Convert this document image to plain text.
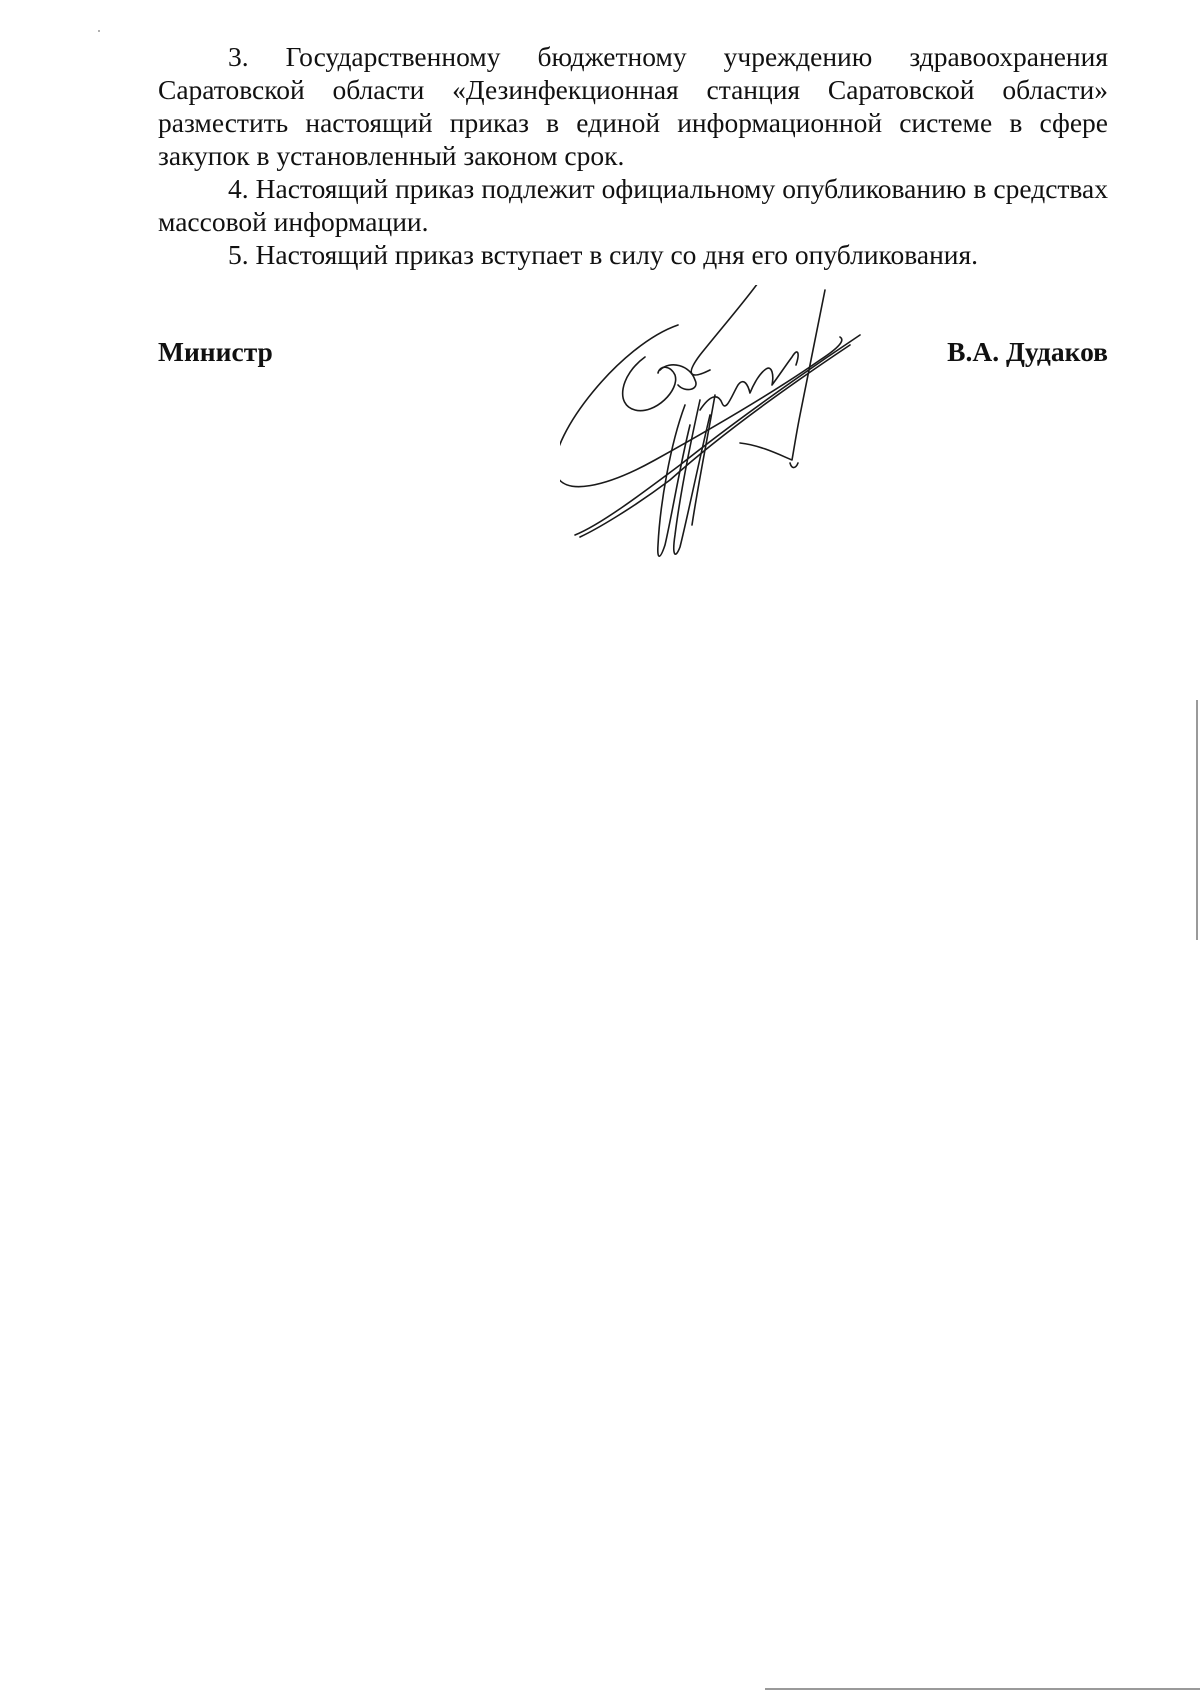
3. Государственному бюджетному учреждению здравоохранения Саратовской области «Дезинфекционная станция Саратовской области» разместить настоящий приказ в единой информационной системе в сфере закупок в установленный законом срок.

4. Настоящий приказ подлежит официальному опубликованию в средствах массовой информации.

5. Настоящий приказ вступает в силу со дня его опубликования.

Министр	В.А. Дудаков
